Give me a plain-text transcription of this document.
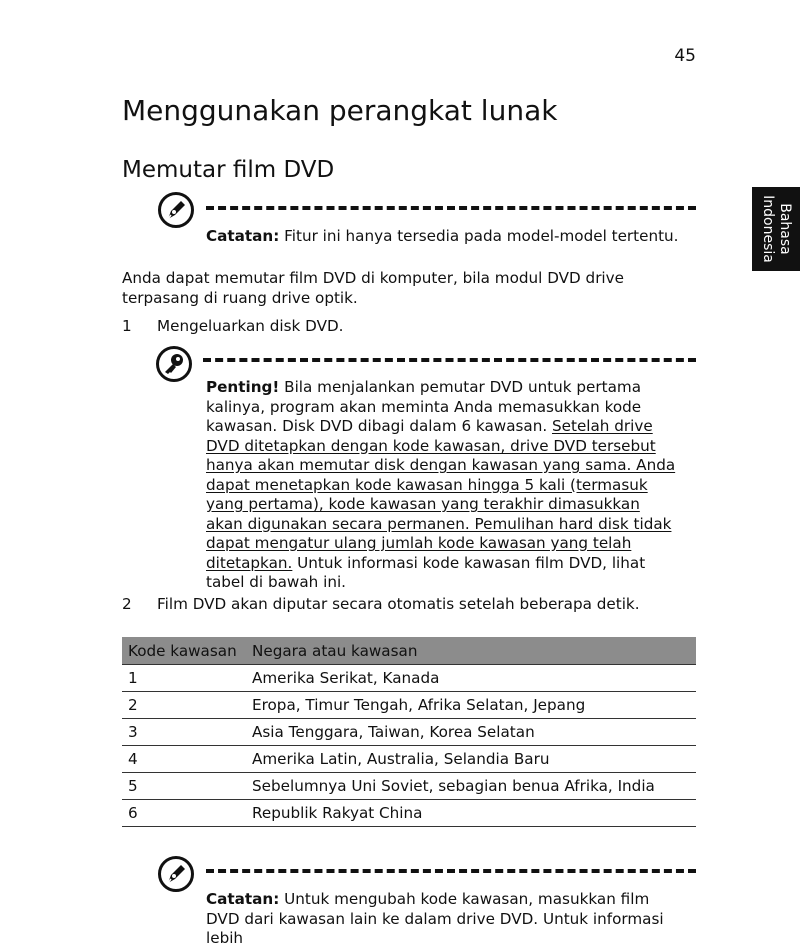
45
Bahasa
Indonesia
Menggunakan perangkat lunak
Memutar film DVD
Catatan: Fitur ini hanya tersedia pada model-model tertentu.
Anda dapat memutar film DVD di komputer, bila modul DVD drive terpasang di ruang drive optik.
1 Mengeluarkan disk DVD.
Penting! Bila menjalankan pemutar DVD untuk pertama kalinya, program akan meminta Anda memasukkan kode kawasan. Disk DVD dibagi dalam 6 kawasan. Setelah drive DVD ditetapkan dengan kode kawasan, drive DVD tersebut hanya akan memutar disk dengan kawasan yang sama. Anda dapat menetapkan kode kawasan hingga 5 kali (termasuk yang pertama), kode kawasan yang terakhir dimasukkan akan digunakan secara permanen. Pemulihan hard disk tidak dapat mengatur ulang jumlah kode kawasan yang telah ditetapkan. Untuk informasi kode kawasan film DVD, lihat tabel di bawah ini.
2 Film DVD akan diputar secara otomatis setelah beberapa detik.
Kode kawasan	Negara atau kawasan
1	Amerika Serikat, Kanada
2	Eropa, Timur Tengah, Afrika Selatan, Jepang
3	Asia Tenggara, Taiwan, Korea Selatan
4	Amerika Latin, Australia, Selandia Baru
5	Sebelumnya Uni Soviet, sebagian benua Afrika, India
6	Republik Rakyat China
Catatan: Untuk mengubah kode kawasan, masukkan film DVD dari kawasan lain ke dalam drive DVD. Untuk informasi lebih
